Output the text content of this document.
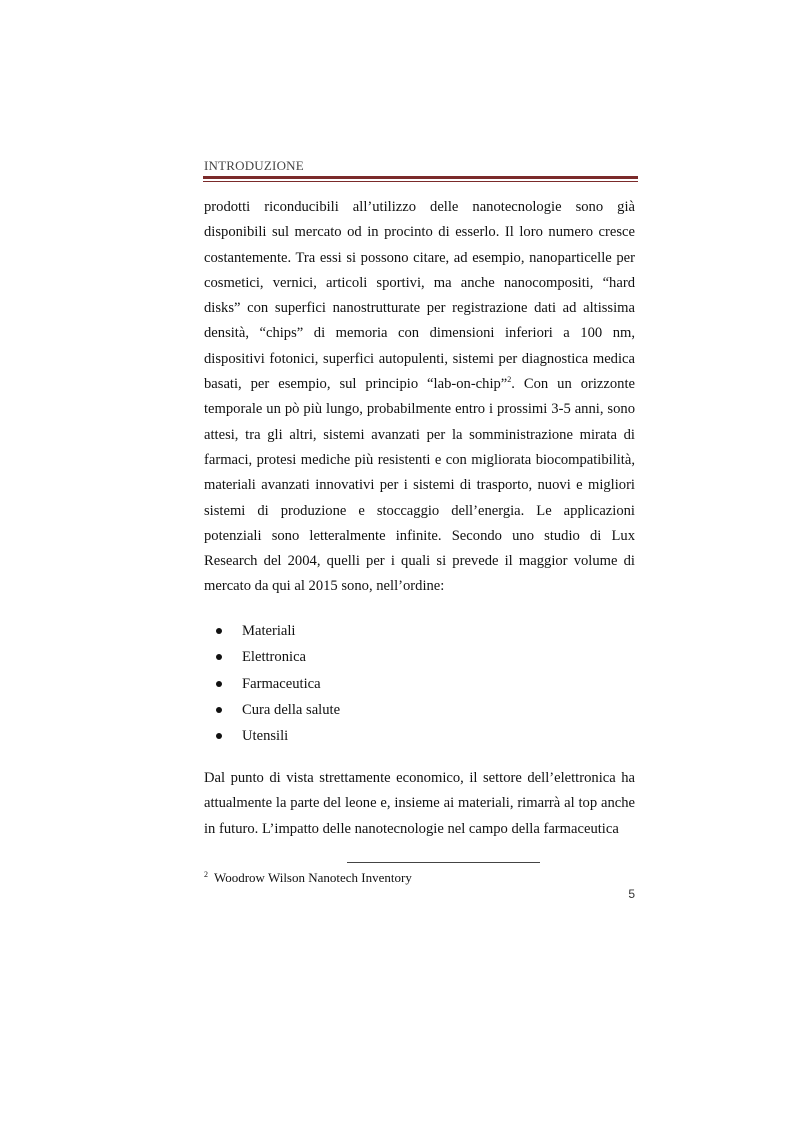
INTRODUZIONE

prodotti riconducibili all’utilizzo delle nanotecnologie sono già disponibili sul mercato od in procinto di esserlo. Il loro numero cresce costantemente. Tra essi si possono citare, ad esempio, nanoparticelle per cosmetici, vernici, articoli sportivi, ma anche nanocompositi, “hard disks” con superfici nanostrutturate per registrazione dati ad altissima densità, “chips” di memoria con dimensioni inferiori a 100 nm, dispositivi fotonici, superfici autopulenti, sistemi per diagnostica medica basati, per esempio, sul principio “lab-on-chip”$^2$. Con un orizzonte temporale un pò più lungo, probabilmente entro i prossimi 3-5 anni, sono attesi, tra gli altri, sistemi avanzati per la somministrazione mirata di farmaci, protesi mediche più resistenti e con migliorata biocompatibilità, materiali avanzati innovativi per i sistemi di trasporto, nuovi e migliori sistemi di produzione e stoccaggio dell’energia. Le applicazioni potenziali sono letteralmente infinite. Secondo uno studio di Lux Research del 2004, quelli per i quali si prevede il maggior volume di mercato da qui al 2015 sono, nell’ordine:

Materiali
Elettronica
Farmaceutica
Cura della salute
Utensili

Dal punto di vista strettamente economico, il settore dell’elettronica ha attualmente la parte del leone e, insieme ai materiali, rimarrà al top anche in futuro. L’impatto delle nanotecnologie nel campo della farmaceutica

$^2$ Woodrow Wilson Nanotech Inventory
5
